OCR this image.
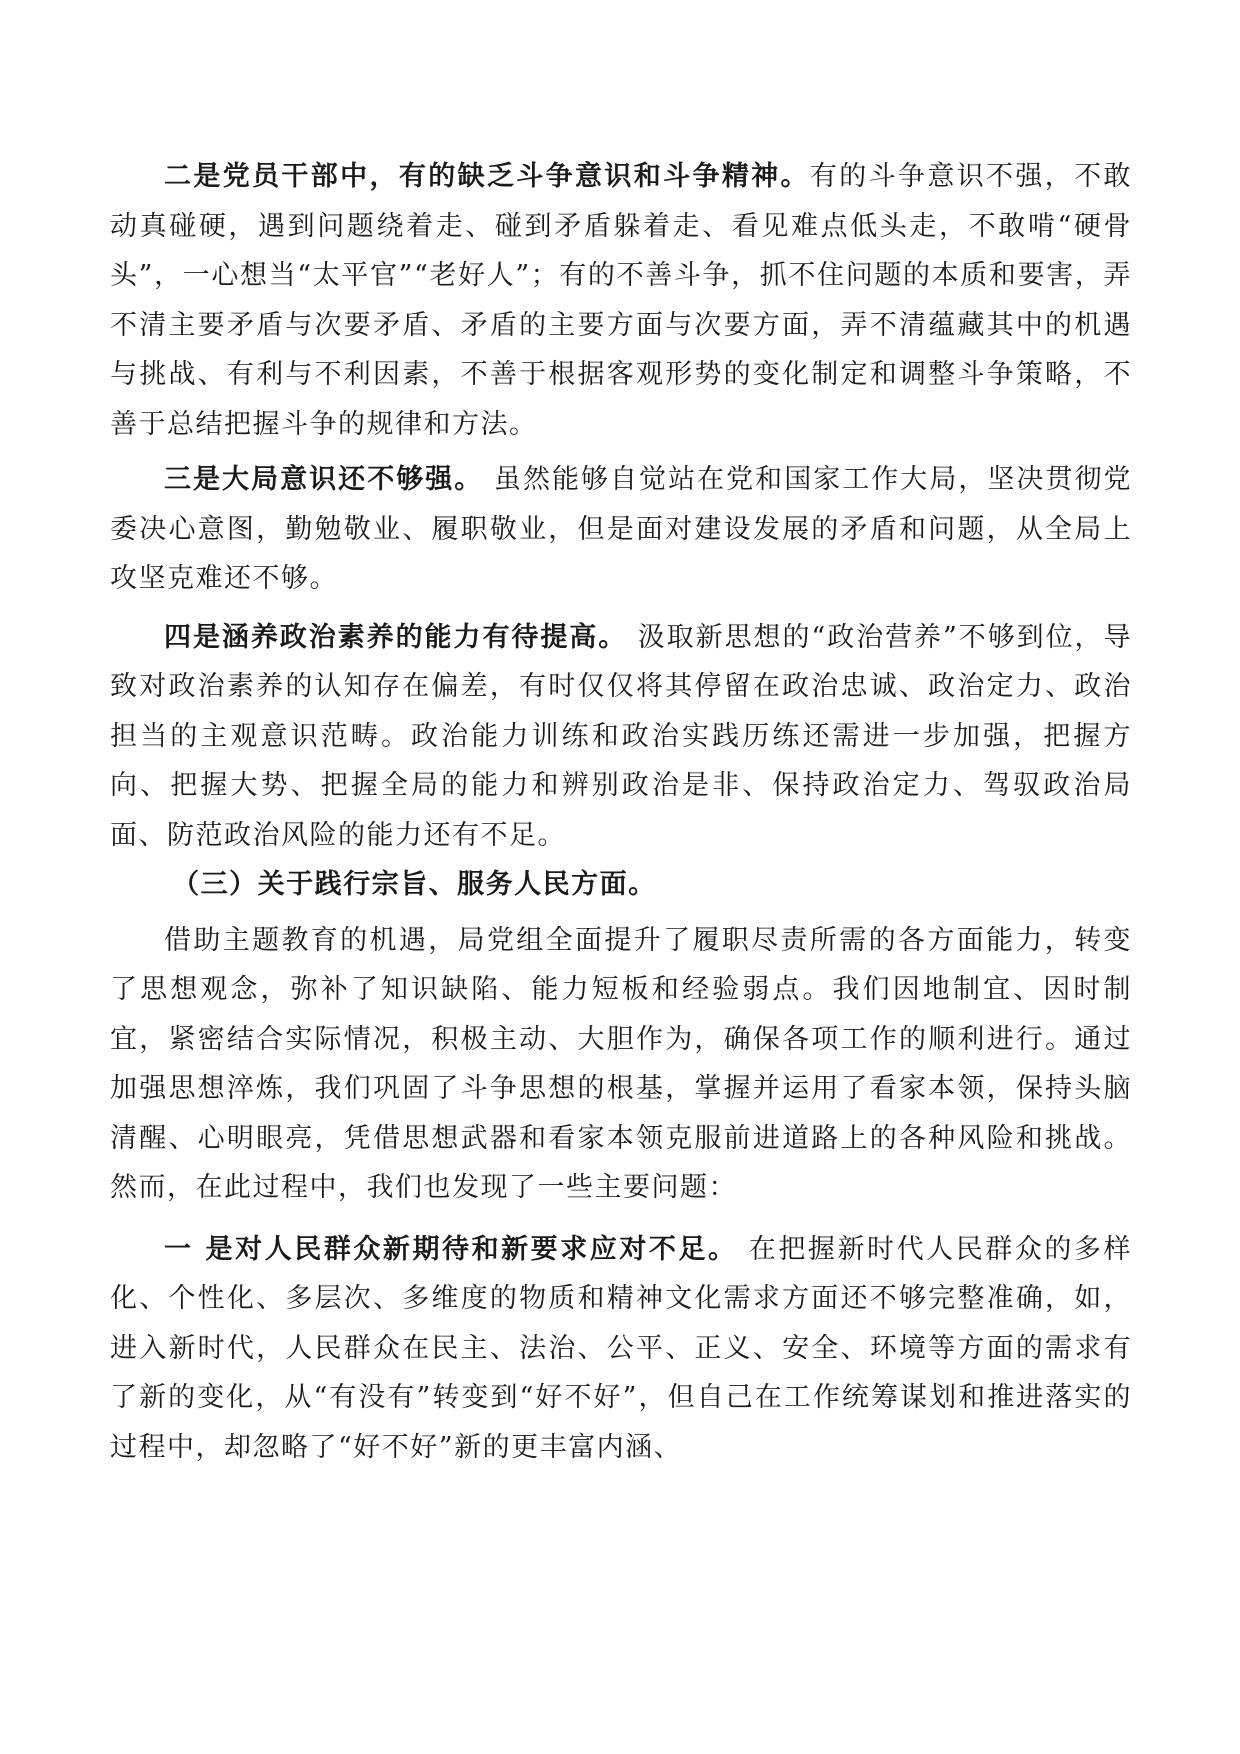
二是党员干部中，有的缺乏斗争意识和斗争精神。有的斗争意识不强，不敢动真碰硬，遇到问题绕着走、碰到矛盾躲着走、看见难点低头走，不敢啃“硬骨头”，一心想当“太平官”“老好人”；有的不善斗争，抓不住问题的本质和要害，弄不清主要矛盾与次要矛盾、矛盾的主要方面与次要方面，弄不清蕴藏其中的机遇与挑战、有利与不利因素，不善于根据客观形势的变化制定和调整斗争策略，不善于总结把握斗争的规律和方法。

三是大局意识还不够强。 虽然能够自觉站在党和国家工作大局，坚决贯彻党委决心意图，勤勉敬业、履职敬业，但是面对建设发展的矛盾和问题，从全局上攻坚克难还不够。

四是涵养政治素养的能力有待提高。 汲取新思想的“政治营养”不够到位，导致对政治素养的认知存在偏差，有时仅仅将其停留在政治忠诚、政治定力、政治担当的主观意识范畴。政治能力训练和政治实践历练还需进一步加强，把握方向、把握大势、把握全局的能力和辨别政治是非、保持政治定力、驾驭政治局面、防范政治风险的能力还有不足。

（三）关于践行宗旨、服务人民方面。

借助主题教育的机遇，局党组全面提升了履职尽责所需的各方面能力，转变了思想观念，弥补了知识缺陷、能力短板和经验弱点。我们因地制宜、因时制宜，紧密结合实际情况，积极主动、大胆作为，确保各项工作的顺利进行。通过加强思想淬炼，我们巩固了斗争思想的根基，掌握并运用了看家本领，保持头脑清醒、心明眼亮，凭借思想武器和看家本领克服前进道路上的各种风险和挑战。然而，在此过程中，我们也发现了一些主要问题：

一 是对人民群众新期待和新要求应对不足。 在把握新时代人民群众的多样化、个性化、多层次、多维度的物质和精神文化需求方面还不够完整准确，如，进入新时代，人民群众在民主、法治、公平、正义、安全、环境等方面的需求有了新的变化，从“有没有”转变到“好不好”，但自己在工作统筹谋划和推进落实的过程中，却忽略了“好不好”新的更丰富内涵、
